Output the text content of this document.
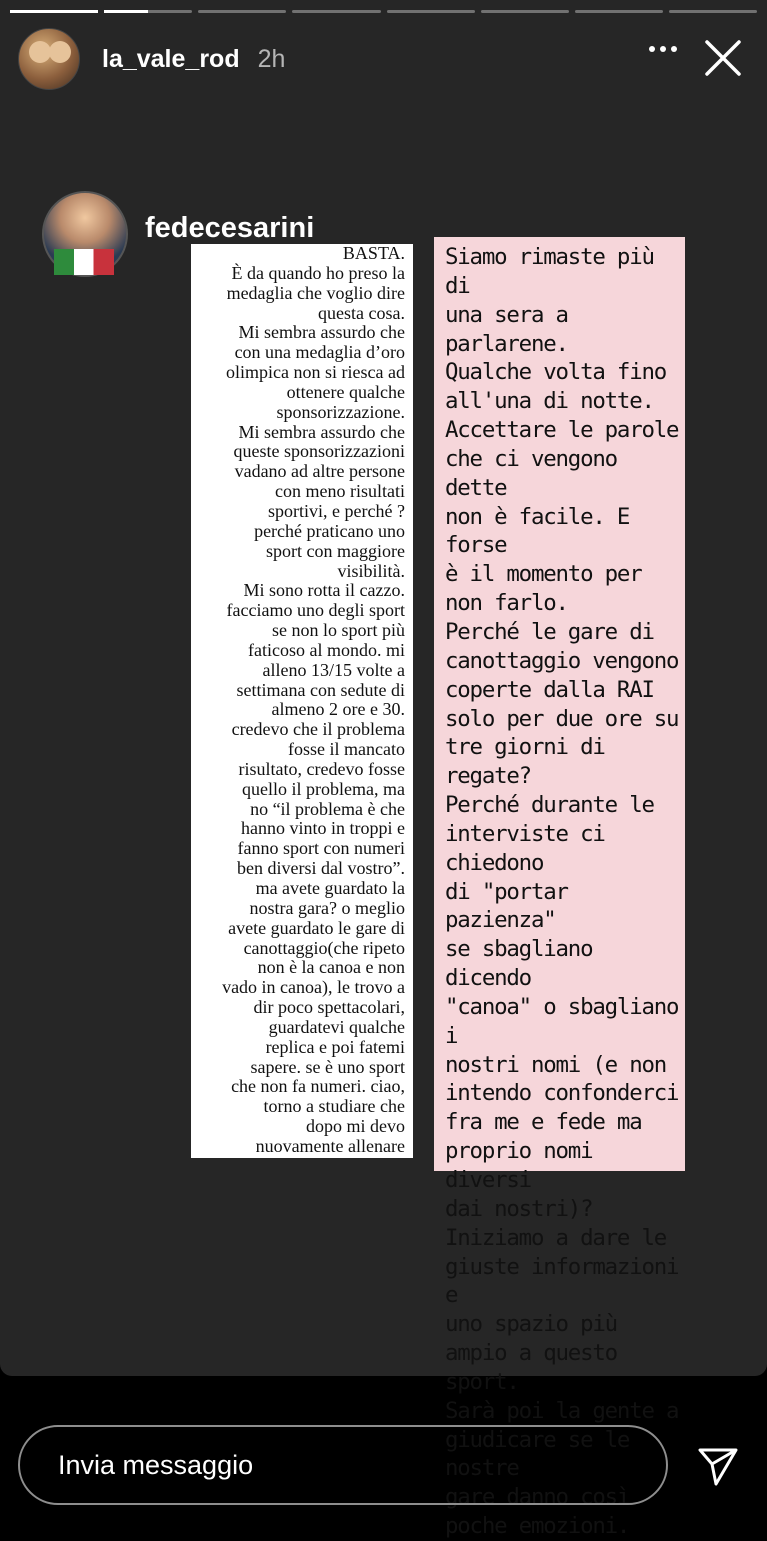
la_vale_rod 2h
fedecesarini
BASTA.
È da quando ho preso la
medaglia che voglio dire
questa cosa.
Mi sembra assurdo che
con una medaglia d’oro
olimpica non si riesca ad
ottenere qualche
sponsorizzazione.
Mi sembra assurdo che
queste sponsorizzazioni
vadano ad altre persone
con meno risultati
sportivi, e perché ?
perché praticano uno
sport con maggiore
visibilità.
Mi sono rotta il cazzo.
facciamo uno degli sport
se non lo sport più
faticoso al mondo. mi
alleno 13/15 volte a
settimana con sedute di
almeno 2 ore e 30.
credevo che il problema
fosse il mancato
risultato, credevo fosse
quello il problema, ma
no “il problema è che
hanno vinto in troppi e
fanno sport con numeri
ben diversi dal vostro”.
ma avete guardato la
nostra gara? o meglio
avete guardato le gare di
canottaggio(che ripeto
non è la canoa e non
vado in canoa), le trovo a
dir poco spettacolari,
guardatevi qualche
replica e poi fatemi
sapere. se è uno sport
che non fa numeri. ciao,
torno a studiare che
dopo mi devo
nuovamente allenare
Siamo rimaste più di
una sera a parlarene.
Qualche volta fino
all'una di notte.
Accettare le parole
che ci vengono dette
non è facile. E forse
è il momento per
non farlo.
Perché le gare di
canottaggio vengono
coperte dalla RAI
solo per due ore su
tre giorni di regate?
Perché durante le
interviste ci chiedono
di "portar pazienza"
se sbagliano dicendo
"canoa" o sbagliano i
nostri nomi (e non
intendo confonderci
fra me e fede ma
proprio nomi diversi
dai nostri)?
Iniziamo a dare le
giuste informazioni e
uno spazio più
ampio a questo sport.
Sarà poi la gente a
giudicare se le nostre
gare danno così
poche emozioni.
Invia messaggio
